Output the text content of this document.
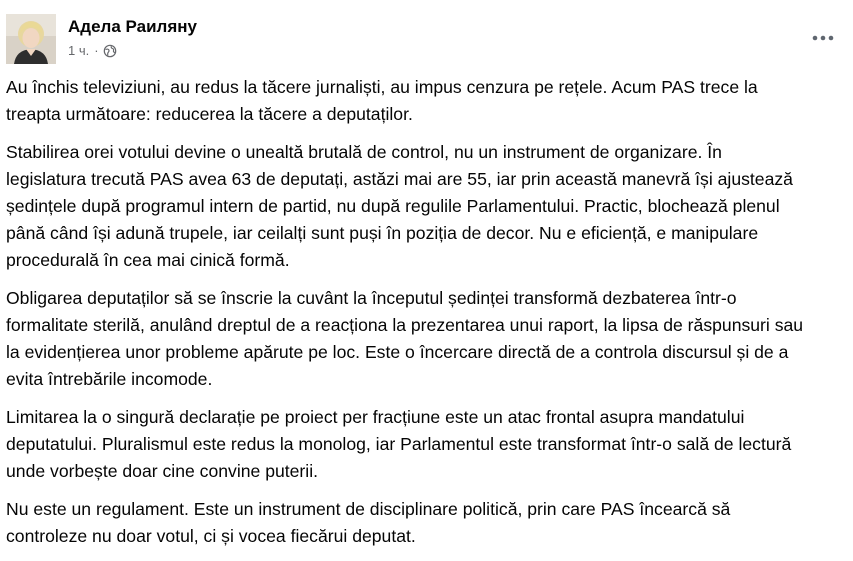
Адела Раиляну
1 ч. ·

Au închis televiziuni, au redus la tăcere jurnaliști, au impus cenzura pe rețele. Acum PAS trece la
treapta următoare: reducerea la tăcere a deputaților.

Stabilirea orei votului devine o unealtă brutală de control, nu un instrument de organizare. În
legislatura trecută PAS avea 63 de deputați, astăzi mai are 55, iar prin această manevră își ajustează
ședințele după programul intern de partid, nu după regulile Parlamentului. Practic, blochează plenul
până când își adună trupele, iar ceilalți sunt puși în poziția de decor. Nu e eficiență, e manipulare
procedurală în cea mai cinică formă.

Obligarea deputaților să se înscrie la cuvânt la începutul ședinței transformă dezbaterea într-o
formalitate sterilă, anulând dreptul de a reacționa la prezentarea unui raport, la lipsa de răspunsuri sau
la evidențierea unor probleme apărute pe loc. Este o încercare directă de a controla discursul și de a
evita întrebările incomode.

Limitarea la o singură declarație pe proiect per fracțiune este un atac frontal asupra mandatului
deputatului. Pluralismul este redus la monolog, iar Parlamentul este transformat într-o sală de lectură
unde vorbește doar cine convine puterii.

Nu este un regulament. Este un instrument de disciplinare politică, prin care PAS încearcă să
controleze nu doar votul, ci și vocea fiecărui deputat.
